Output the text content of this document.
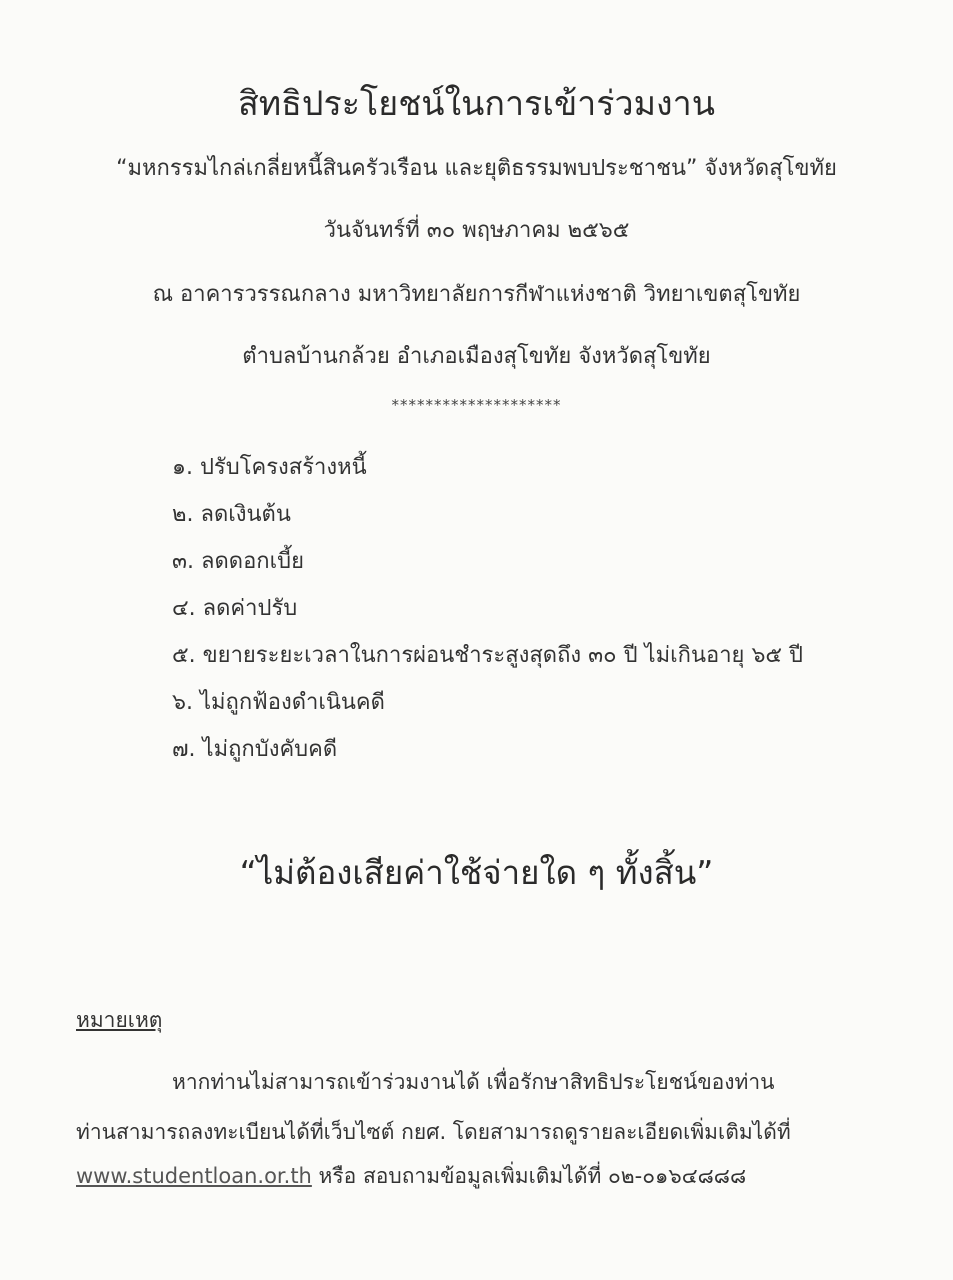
สิทธิประโยชน์ในการเข้าร่วมงาน
“มหกรรมไกล่เกลี่ยหนี้สินครัวเรือน และยุติธรรมพบประชาชน” จังหวัดสุโขทัย
วันจันทร์ที่ ๓๐ พฤษภาคม ๒๕๖๕
ณ อาคารวรรณกลาง มหาวิทยาลัยการกีฬาแห่งชาติ วิทยาเขตสุโขทัย
ตำบลบ้านกล้วย อำเภอเมืองสุโขทัย จังหวัดสุโขทัย
********************
๑. ปรับโครงสร้างหนี้
๒. ลดเงินต้น
๓. ลดดอกเบี้ย
๔. ลดค่าปรับ
๕. ขยายระยะเวลาในการผ่อนชำระสูงสุดถึง ๓๐ ปี ไม่เกินอายุ ๖๕ ปี
๖. ไม่ถูกฟ้องดำเนินคดี
๗. ไม่ถูกบังคับคดี
“ไม่ต้องเสียค่าใช้จ่ายใด ๆ ทั้งสิ้น”
หมายเหตุ
หากท่านไม่สามารถเข้าร่วมงานได้ เพื่อรักษาสิทธิประโยชน์ของท่าน
ท่านสามารถลงทะเบียนได้ที่เว็บไซต์ กยศ. โดยสามารถดูรายละเอียดเพิ่มเติมได้ที่
www.studentloan.or.th หรือ สอบถามข้อมูลเพิ่มเติมได้ที่ ๐๒-๐๑๖๔๘๘๘
